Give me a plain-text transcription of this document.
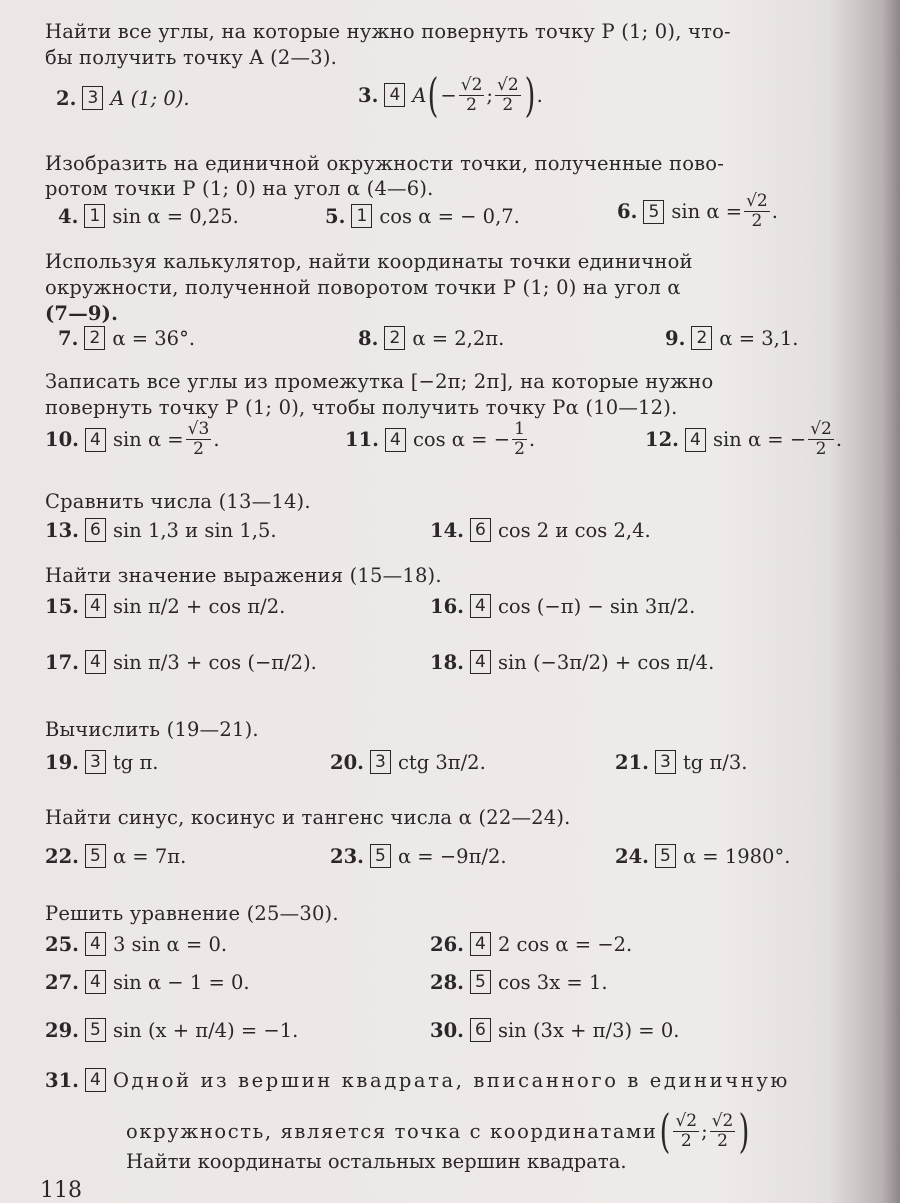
Найти все углы, на которые нужно повернуть точку P (1; 0), что-
бы получить точку A (2—3).
2. 3 A (1; 0).	3. 4 A ( − $\frac{√2}{2}$ ; $\frac{√2}{2}$ ) .
Изобразить на единичной окружности точки, полученные пово-
ротом точки P (1; 0) на угол α (4—6).
4. 1 sin α = 0,25.	5. 1 cos α = − 0,7.	6. 5 $\sin \alpha = \frac{√2}{2}$ .
Используя калькулятор, найти координаты точки единичной
окружности, полученной поворотом точки P (1; 0) на угол α
(7—9).
7. 2 α = 36°.	8. 2 α = 2,2π.	9. 2 α = 3,1.
Записать все углы из промежутка [−2π; 2π], на которые нужно
повернуть точку P (1; 0), чтобы получить точку Pα (10—12).
10. 4 $\sin \alpha = \frac{√3}{2}$ .	11. 4 cos α = − $\frac{1}{2}$ .	12. 4 sin α = − $\frac{√2}{2}$ .
Сравнить числа (13—14).
13. 6 sin 1,3 и sin 1,5.	14. 6 cos 2 и cos 2,4.
Найти значение выражения (15—18).
15. 4 sin π/2 + cos π/2.	16. 4 cos (−π) − sin 3π/2.
17. 4 sin π/3 + cos (−π/2).	18. 4 sin (−3π/2) + cos π/4.
Вычислить (19—21).
19. 3 tg π.	20. 3 ctg 3π/2.	21. 3 tg π/3.
Найти синус, косинус и тангенс числа α (22—24).
22. 5 α = 7π.	23. 5 α = −9π/2.	24. 5 α = 1980°.
Решить уравнение (25—30).
25. 4 3 sin α = 0.	26. 4 2 cos α = −2.
27. 4 sin α − 1 = 0.	28. 5 cos 3x = 1.
29. 5 sin (x + π/4) = −1.	30. 6 sin (3x + π/3) = 0.
31. 4 Одной из вершин квадрата, вписанного в единичную
окружность, является точка с координатами ( $\frac{√2}{2}$ ; $\frac{√2}{2}$ )
Найти координаты остальных вершин квадрата.
118
